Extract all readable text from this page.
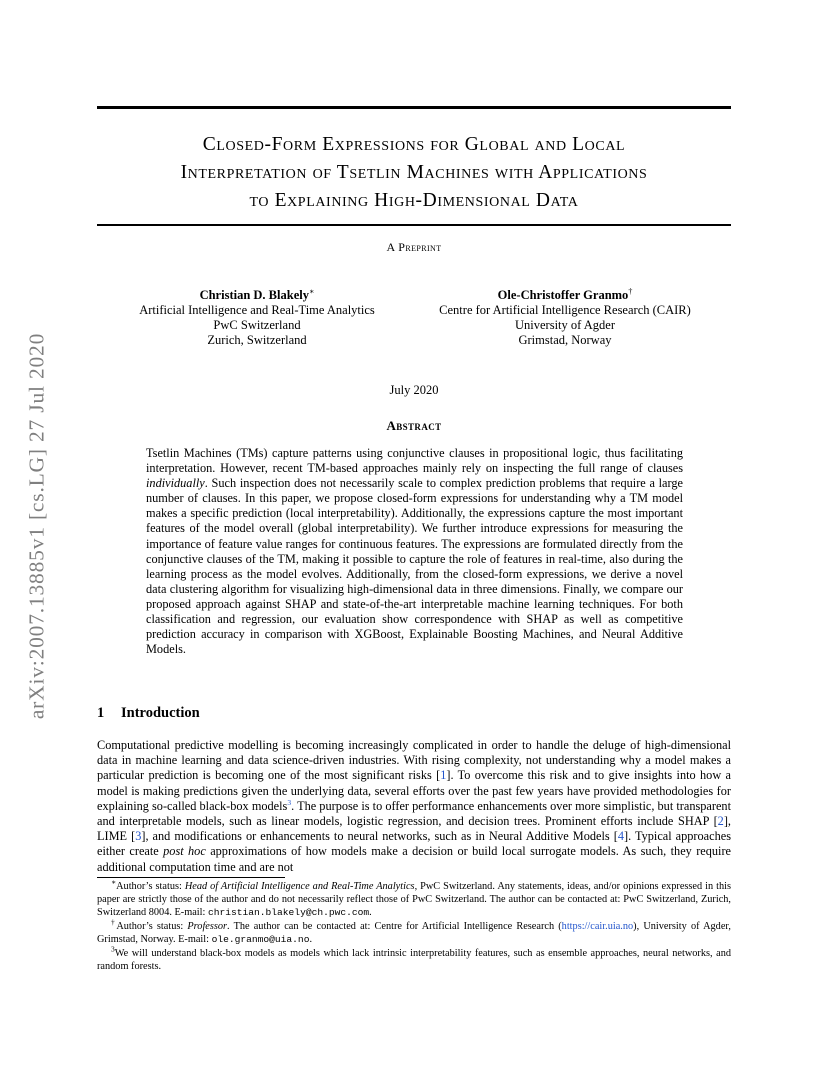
arXiv:2007.13885v1 [cs.LG] 27 Jul 2020
Closed-Form Expressions for Global and Local
Interpretation of Tsetlin Machines with Applications
to Explaining High-Dimensional Data
A Preprint
Christian D. Blakely∗
Artificial Intelligence and Real-Time Analytics
PwC Switzerland
Zurich, Switzerland
Ole-Christoffer Granmo†
Centre for Artificial Intelligence Research (CAIR)
University of Agder
Grimstad, Norway
July 2020
Abstract
Tsetlin Machines (TMs) capture patterns using conjunctive clauses in propositional logic, thus facilitating interpretation. However, recent TM-based approaches mainly rely on inspecting the full range of clauses individually. Such inspection does not necessarily scale to complex prediction problems that require a large number of clauses. In this paper, we propose closed-form expressions for understanding why a TM model makes a specific prediction (local interpretability). Additionally, the expressions capture the most important features of the model overall (global interpretability). We further introduce expressions for measuring the importance of feature value ranges for continuous features. The expressions are formulated directly from the conjunctive clauses of the TM, making it possible to capture the role of features in real-time, also during the learning process as the model evolves. Additionally, from the closed-form expressions, we derive a novel data clustering algorithm for visualizing high-dimensional data in three dimensions. Finally, we compare our proposed approach against SHAP and state-of-the-art interpretable machine learning techniques. For both classification and regression, our evaluation show correspondence with SHAP as well as competitive prediction accuracy in comparison with XGBoost, Explainable Boosting Machines, and Neural Additive Models.
1 Introduction
Computational predictive modelling is becoming increasingly complicated in order to handle the deluge of high-dimensional data in machine learning and data science-driven industries. With rising complexity, not understanding why a model makes a particular prediction is becoming one of the most significant risks [1]. To overcome this risk and to give insights into how a model is making predictions given the underlying data, several efforts over the past few years have provided methodologies for explaining so-called black-box models$^3$. The purpose is to offer performance enhancements over more simplistic, but transparent and interpretable models, such as linear models, logistic regression, and decision trees. Prominent efforts include SHAP [2], LIME [3], and modifications or enhancements to neural networks, such as in Neural Additive Models [4]. Typical approaches either create post hoc approximations of how models make a decision or build local surrogate models. As such, they require additional computation time and are not

∗Author’s status: Head of Artificial Intelligence and Real-Time Analytics, PwC Switzerland. Any statements, ideas, and/or opinions expressed in this paper are strictly those of the author and do not necessarily reflect those of PwC Switzerland. The author can be contacted at: PwC Switzerland, Zurich, Switzerland 8004. E-mail: christian.blakely@ch.pwc.com.

†Author’s status: Professor. The author can be contacted at: Centre for Artificial Intelligence Research (https://cair.uia.no), University of Agder, Grimstad, Norway. E-mail: ole.granmo@uia.no.

$^3$We will understand black-box models as models which lack intrinsic interpretability features, such as ensemble approaches, neural networks, and random forests.
